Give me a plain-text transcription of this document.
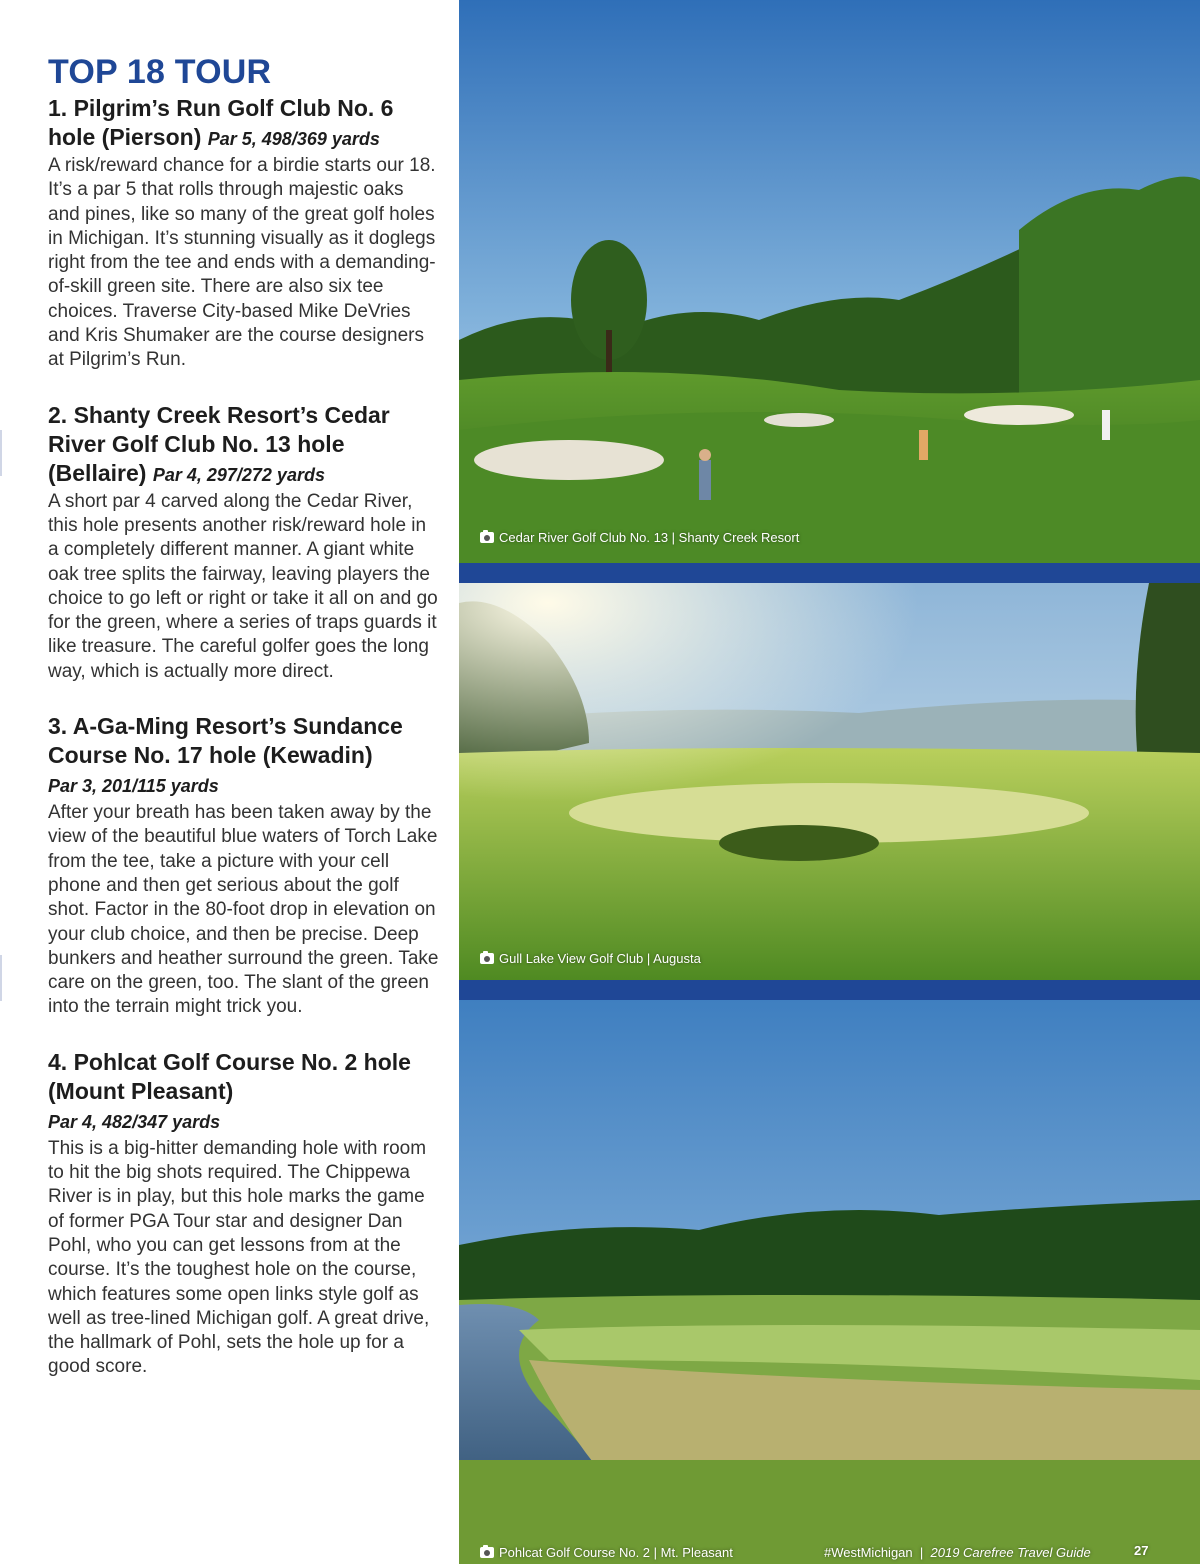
TOP 18 TOUR

1. Pilgrim’s Run Golf Club No. 6 hole (Pierson) Par 5, 498/369 yards

A risk/reward chance for a birdie starts our 18. It’s a par 5 that rolls through majestic oaks and pines, like so many of the great golf holes in Michigan. It’s stunning visually as it doglegs right from the tee and ends with a demanding-of-skill green site. There are also six tee choices. Traverse City-based Mike DeVries and Kris Shumaker are the course designers at Pilgrim’s Run.

2. Shanty Creek Resort’s Cedar River Golf Club No. 13 hole (Bellaire) Par 4, 297/272 yards

A short par 4 carved along the Cedar River, this hole presents another risk/reward hole in a completely different manner. A giant white oak tree splits the fairway, leaving players the choice to go left or right or take it all on and go for the green, where a series of traps guards it like treasure. The careful golfer goes the long way, which is actually more direct.

3. A-Ga-Ming Resort’s Sundance Course No. 17 hole (Kewadin)

Par 3, 201/115 yards

After your breath has been taken away by the view of the beautiful blue waters of Torch Lake from the tee, take a picture with your cell phone and then get serious about the golf shot. Factor in the 80-foot drop in elevation on your club choice, and then be precise. Deep bunkers and heather surround the green. Take care on the green, too. The slant of the green into the terrain might trick you.

4. Pohlcat Golf Course No. 2 hole (Mount Pleasant)

Par 4, 482/347 yards

This is a big-hitter demanding hole with room to hit the big shots required. The Chippewa River is in play, but this hole marks the game of former PGA Tour star and designer Dan Pohl, who you can get lessons from at the course. It’s the toughest hole on the course, which features some open links style golf as well as tree-lined Michigan golf. A great drive, the hallmark of Pohl, sets the hole up for a good score.

Cedar River Golf Club No. 13 | Shanty Creek Resort
Gull Lake View Golf Club | Augusta
Pohlcat Golf Course No. 2 | Mt. Pleasant	#WestMichigan | 2019 Carefree Travel Guide	27
